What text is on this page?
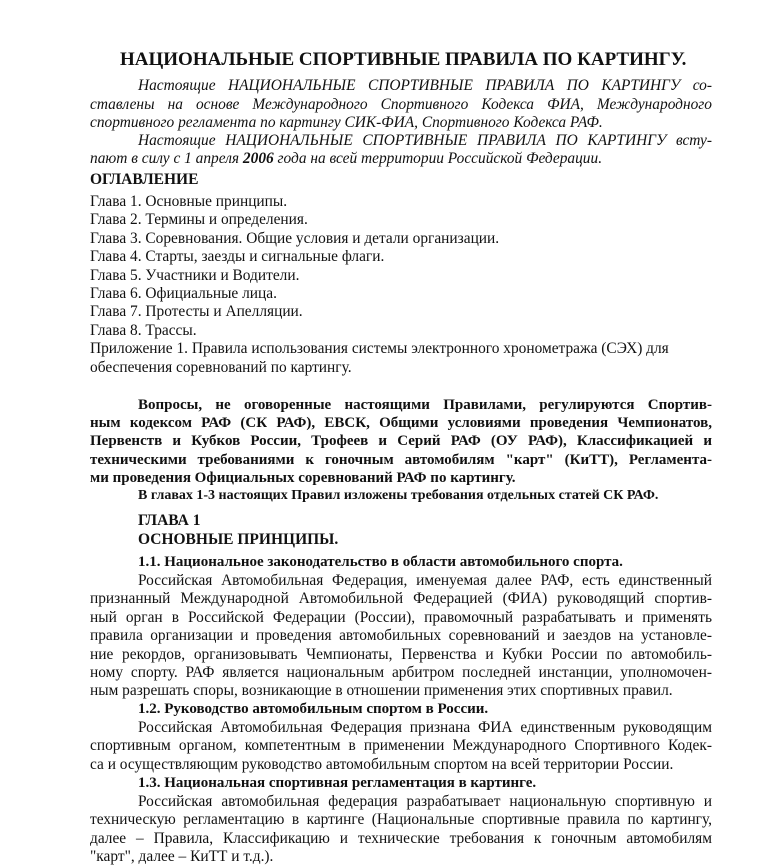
НАЦИОНАЛЬНЫЕ СПОРТИВНЫЕ ПРАВИЛА ПО КАРТИНГУ.
Настоящие НАЦИОНАЛЬНЫЕ СПОРТИВНЫЕ ПРАВИЛА ПО КАРТИНГУ со-
ставлены на основе Международного Спортивного Кодекса ФИА, Международного
спортивного регламента по картингу СИК-ФИА, Спортивного Кодекса РАФ.
Настоящие НАЦИОНАЛЬНЫЕ СПОРТИВНЫЕ ПРАВИЛА ПО КАРТИНГУ всту-
пают в силу с 1 апреля 2006 года на всей территории Российской Федерации.
ОГЛАВЛЕНИЕ
Глава 1. Основные принципы.
Глава 2. Термины и определения.
Глава 3. Соревнования. Общие условия и детали организации.
Глава 4. Старты, заезды и сигнальные флаги.
Глава 5. Участники и Водители.
Глава 6. Официальные лица.
Глава 7. Протесты и Апелляции.
Глава 8. Трассы.
Приложение 1. Правила использования системы электронного хронометража (СЭХ) для
обеспечения соревнований по картингу.
Вопросы, не оговоренные настоящими Правилами, регулируются Спортив-
ным кодексом РАФ (СК РАФ), ЕВСК, Общими условиями проведения Чемпионатов,
Первенств и Кубков России, Трофеев и Серий РАФ (ОУ РАФ), Классификацией и
техническими требованиями к гоночным автомобилям "карт" (КиТТ), Регламента-
ми проведения Официальных соревнований РАФ по картингу.
В главах 1-3 настоящих Правил изложены требования отдельных статей СК РАФ.
ГЛАВА 1
ОСНОВНЫЕ ПРИНЦИПЫ.
1.1. Национальное законодательство в области автомобильного спорта.
Российская Автомобильная Федерация, именуемая далее РАФ, есть единственный
признанный Международной Автомобильной Федерацией (ФИА) руководящий спортив-
ный орган в Российской Федерации (России), правомочный разрабатывать и применять
правила организации и проведения автомобильных соревнований и заездов на установле-
ние рекордов, организовывать Чемпионаты, Первенства и Кубки России по автомобиль-
ному спорту. РАФ является национальным арбитром последней инстанции, уполномочен-
ным разрешать споры, возникающие в отношении применения этих спортивных правил.
1.2. Руководство автомобильным спортом в России.
Российская Автомобильная Федерация признана ФИА единственным руководящим
спортивным органом, компетентным в применении Международного Спортивного Кодек-
са и осуществляющим руководство автомобильным спортом на всей территории России.
1.3. Национальная спортивная регламентация в картинге.
Российская автомобильная федерация разрабатывает национальную спортивную и
техническую регламентацию в картинге (Национальные спортивные правила по картингу,
далее – Правила, Классификацию и технические требования к гоночным автомобилям
"карт", далее – КиТТ и т.д.).
